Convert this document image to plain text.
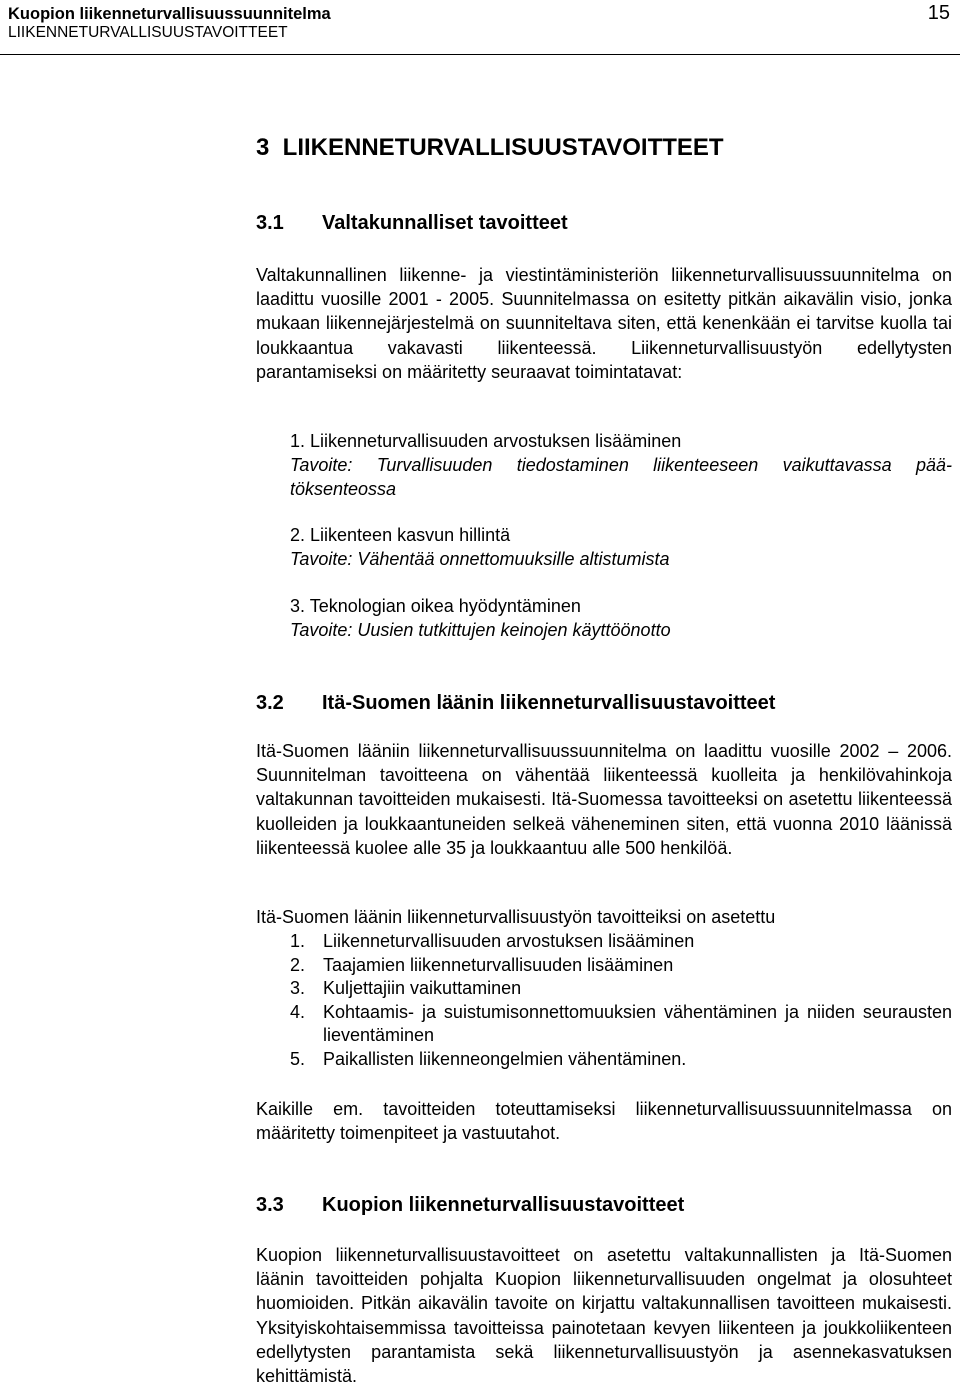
Kuopion liikenneturvallisuussuunnitelma
LIIKENNETURVALLISUUSTAVOITTEET
15
3  LIIKENNETURVALLISUUSTAVOITTEET
3.1 Valtakunnalliset tavoitteet
Valtakunnallinen liikenne- ja viestintäministeriön liikenneturvallisuussuunnitelma on laadittu vuosille 2001 - 2005. Suunnitelmassa on esitetty pitkän aikavälin visio, jonka mukaan liikennejärjestelmä on suunniteltava siten, että kenenkään ei tarvitse kuolla tai loukkaantua vakavasti liikenteessä. Liikenneturvallisuustyön edellytysten parantamiseksi on määritetty seuraavat toimintatavat:
1. Liikenneturvallisuuden arvostuksen lisääminen
Tavoite: Turvallisuuden tiedostaminen liikenteeseen vaikuttavassa päätöksenteossa
2. Liikenteen kasvun hillintä
Tavoite: Vähentää onnettomuuksille altistumista
3. Teknologian oikea hyödyntäminen
Tavoite: Uusien tutkittujen keinojen käyttöönotto
3.2 Itä-Suomen läänin liikenneturvallisuustavoitteet
Itä-Suomen lääniin liikenneturvallisuussuunnitelma on laadittu vuosille 2002 – 2006. Suunnitelman tavoitteena on vähentää liikenteessä kuolleita ja henkilövahinkoja valtakunnan tavoitteiden mukaisesti. Itä-Suomessa tavoitteeksi on asetettu liikenteessä kuolleiden ja loukkaantuneiden selkeä väheneminen siten, että vuonna 2010 läänissä liikenteessä kuolee alle 35 ja loukkaantuu alle 500 henkilöä.
Itä-Suomen läänin liikenneturvallisuustyön tavoitteiksi on asetettu
1. Liikenneturvallisuuden arvostuksen lisääminen
2. Taajamien liikenneturvallisuuden lisääminen
3. Kuljettajiin vaikuttaminen
4. Kohtaamis- ja suistumisonnettomuuksien vähentäminen ja niiden seurausten lieventäminen
5. Paikallisten liikenneongelmien vähentäminen.
Kaikille em. tavoitteiden toteuttamiseksi liikenneturvallisuussuunnitelmassa on määritetty toimenpiteet ja vastuutahot.
3.3 Kuopion liikenneturvallisuustavoitteet
Kuopion liikenneturvallisuustavoitteet on asetettu valtakunnallisten ja Itä-Suomen läänin tavoitteiden pohjalta Kuopion liikenneturvallisuuden ongelmat ja olosuhteet huomioiden. Pitkän aikavälin tavoite on kirjattu valtakunnallisen tavoitteen mukaisesti. Yksityiskohtaisemmissa tavoitteissa painotetaan kevyen liikenteen ja joukkoliikenteen edellytysten parantamista sekä liikenneturvallisuustyön ja asennekasvatuksen kehittämistä.
